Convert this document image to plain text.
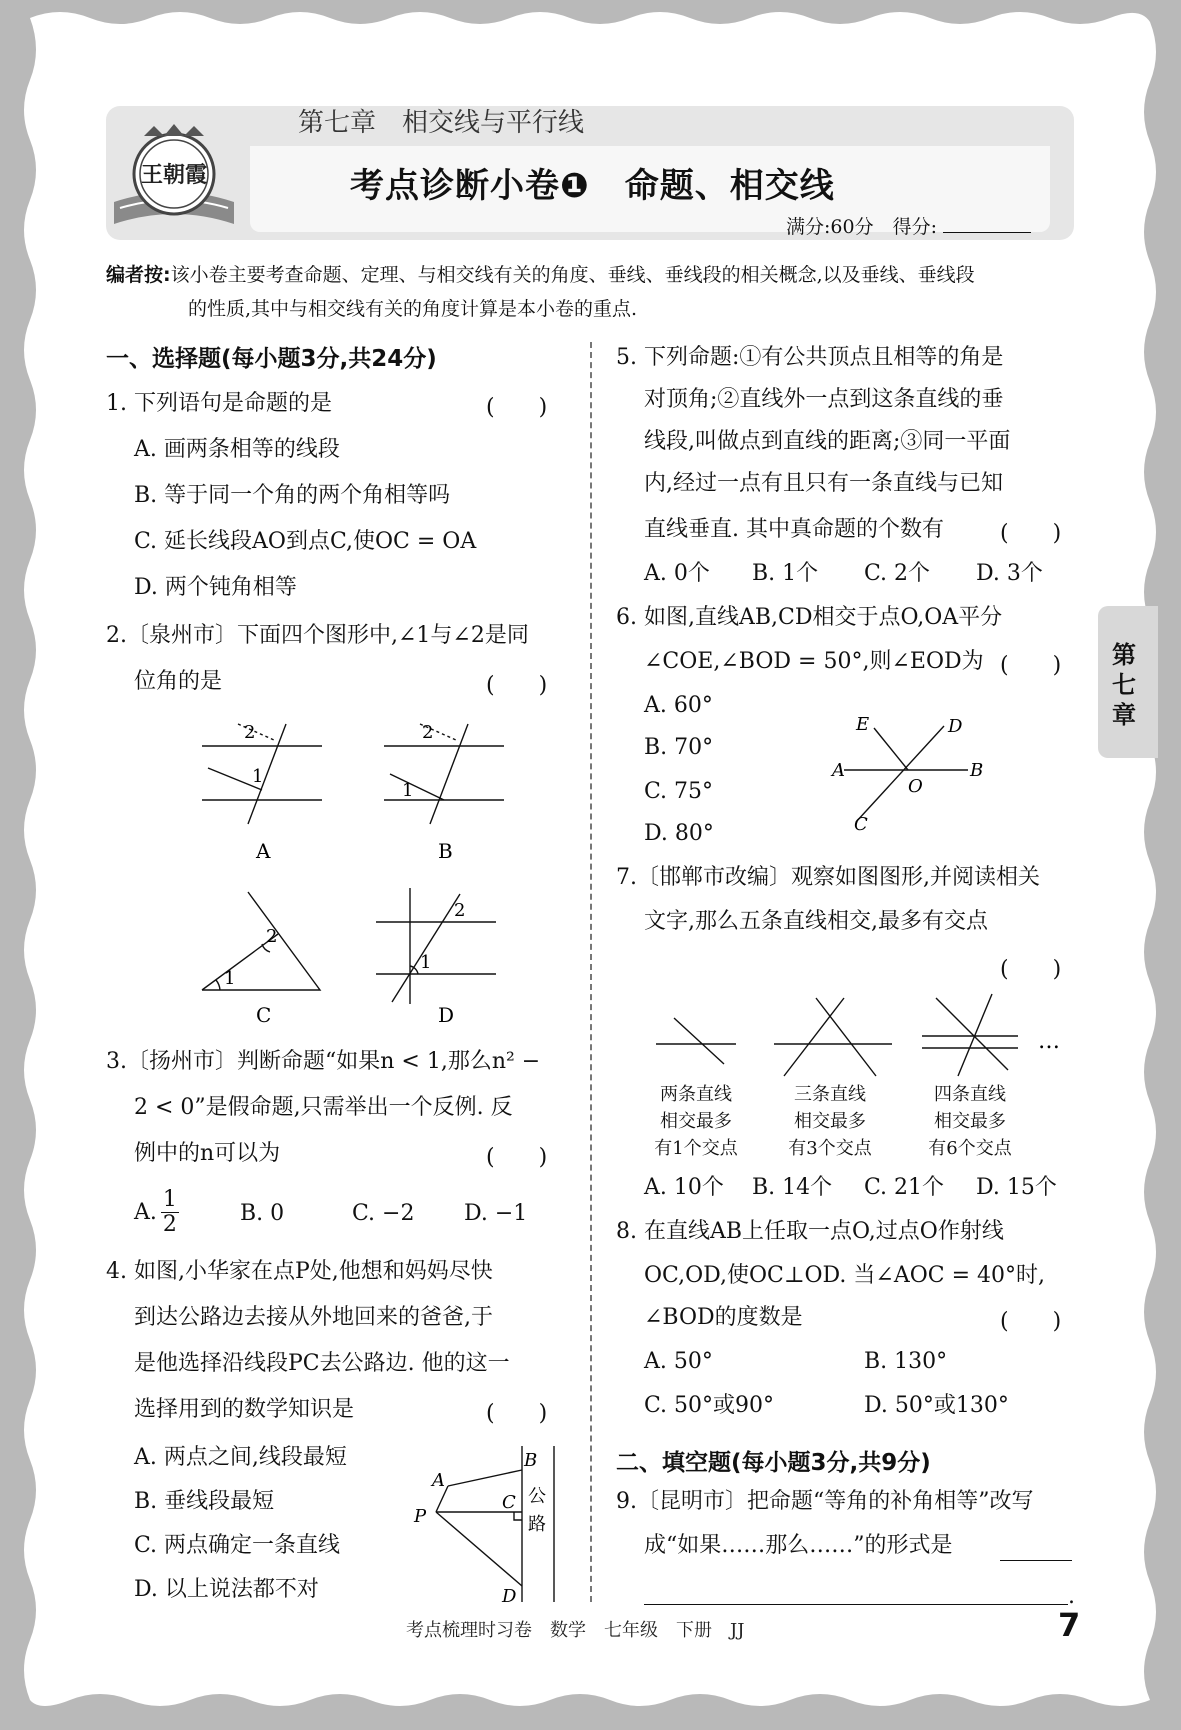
王朝霞
第七章　相交线与平行线
考点诊断小卷❶　命题、相交线
满分:60分　得分:
编者按:该小卷主要考查命题、定理、与相交线有关的角度、垂线、垂线段的相关概念,以及垂线、垂线段
的性质,其中与相交线有关的角度计算是本小卷的重点.
第七章
一、选择题(每小题3分,共24分)
1. 下列语句是命题的是	(　　)
A. 画两条相等的线段
B. 等于同一个角的两个角相等吗
C. 延长线段AO到点C,使OC = OA
D. 两个钝角相等
2.〔泉州市〕下面四个图形中,∠1与∠2是同
位角的是	(　　)
2
1
A
2
1
B
2
1
C
2
1
D
3.〔扬州市〕判断命题“如果n < 1,那么n² −
2 < 0”是假命题,只需举出一个反例. 反
例中的n可以为	(　　)
A. $\frac{1}{2}$	B. 0	C. −2 D. −1
4. 如图,小华家在点P处,他想和妈妈尽快
到达公路边去接从外地回来的爸爸,于
是他选择沿线段PC去公路边. 他的这一
选择用到的数学知识是	(　　)
A. 两点之间,线段最短
B. 垂线段最短
C. 两点确定一条直线
D. 以上说法都不对
A
B
C
D
P
公
路
5. 下列命题:①有公共顶点且相等的角是
对顶角;②直线外一点到这条直线的垂
线段,叫做点到直线的距离;③同一平面
内,经过一点有且只有一条直线与已知
直线垂直. 其中真命题的个数有	(　　)
A. 0个 B. 1个 C. 2个 D. 3个
6. 如图,直线AB,CD相交于点O,OA平分
∠COE,∠BOD = 50°,则∠EOD为 (　　)
A. 60°
B. 70°
C. 75°
D. 80°
E	D
A	B
O
C
7.〔邯郸市改编〕观察如图图形,并阅读相关
文字,那么五条直线相交,最多有交点
(　　)
…
两条直线
相交最多
有1个交点
三条直线
相交最多
有3个交点
四条直线
相交最多
有6个交点
A. 10个 B. 14个 C. 21个 D. 15个
8. 在直线AB上任取一点O,过点O作射线
OC,OD,使OC⊥OD. 当∠AOC = 40°时,
∠BOD的度数是	(　　)
A. 50°	B. 130°
C. 50°或90°	D. 50°或130°
二、填空题(每小题3分,共9分)
9.〔昆明市〕把命题“等角的补角相等”改写
成“如果……那么……”的形式是
.
考点梳理时习卷　数学　七年级　下册　JJ	7
